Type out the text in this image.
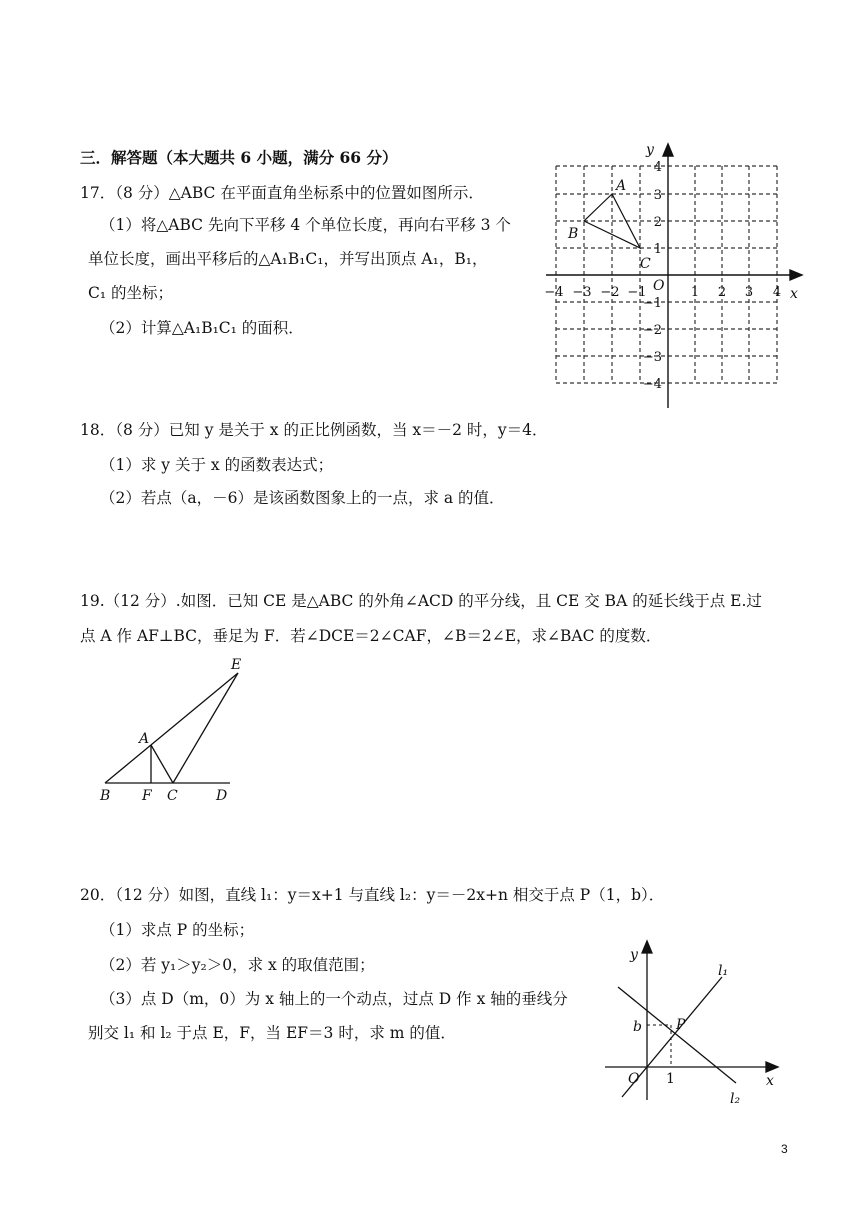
三．解答题（本大题共 6 小题，满分 66 分）
17．（8 分）△ABC 在平面直角坐标系中的位置如图所示．
（1）将△ABC 先向下平移 4 个单位长度，再向右平移 3 个
单位长度，画出平移后的△A₁B₁C₁，并写出顶点 A₁，B₁，
C₁ 的坐标；
（2）计算△A₁B₁C₁ 的面积．
A
B
C
O	x
y
−4 −3 −2 −1	1 2 3 4
4
3
2
1
−1
−2
−3
−4
18．（8 分）已知 y 是关于 x 的正比例函数，当 x＝－2 时，y＝4．
（1）求 y 关于 x 的函数表达式；
（2）若点（a，－6）是该函数图象上的一点，求 a 的值．
19.（12 分）.如图．已知 CE 是△ABC 的外角∠ACD 的平分线，且 CE 交 BA 的延长线于点 E.过
点 A 作 AF⊥BC，垂足为 F．若∠DCE＝2∠CAF，∠B＝2∠E，求∠BAC 的度数．
E
A
B F C	D
20．（12 分）如图，直线 l₁：y＝x+1 与直线 l₂：y＝－2x+n 相交于点 P（1，b）．
（1）求点 P 的坐标；
（2）若 y₁＞y₂＞0，求 x 的取值范围；
（3）点 D（m，0）为 x 轴上的一个动点，过点 D 作 x 轴的垂线分
别交 l₁ 和 l₂ 于点 E，F，当 EF＝3 时，求 m 的值．
y
x
O 1
b P
l₁
l₂
3
